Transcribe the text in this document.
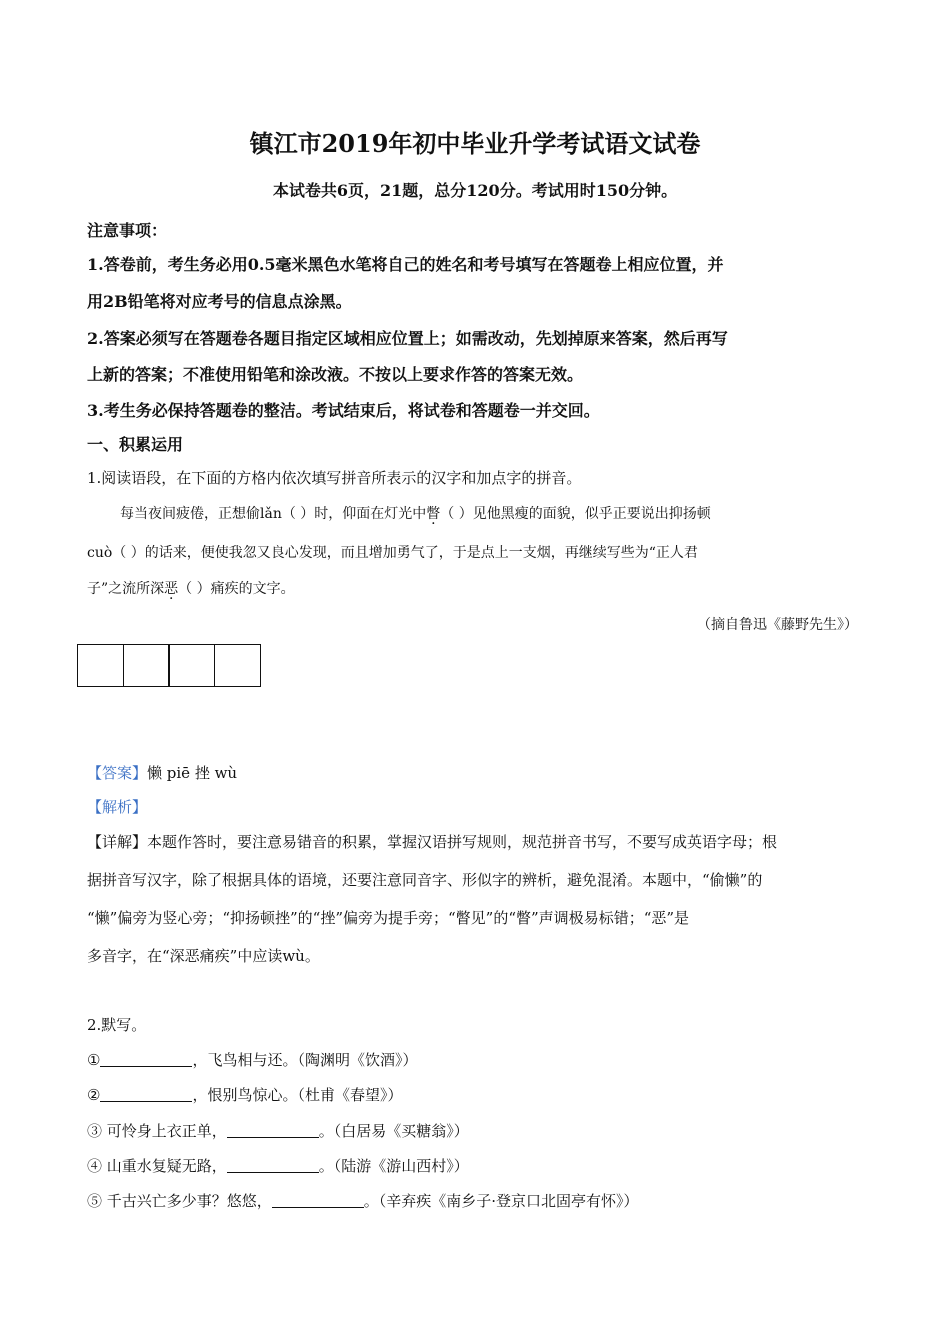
镇江市2019年初中毕业升学考试语文试卷
本试卷共6页，21题，总分120分。考试用时150分钟。
注意事项：
1.答卷前，考生务必用0.5毫米黑色水笔将自己的姓名和考号填写在答题卷上相应位置，并
用2B铅笔将对应考号的信息点涂黑。
2.答案必须写在答题卷各题目指定区域相应位置上；如需改动，先划掉原来答案，然后再写
上新的答案；不准使用铅笔和涂改液。不按以上要求作答的答案无效。
3.考生务必保持答题卷的整洁。考试结束后，将试卷和答题卷一并交回。
一、积累运用
1.阅读语段，在下面的方格内依次填写拼音所表示的汉字和加点字的拼音。
每当夜间疲倦，正想偷lǎn（ ）时，仰面在灯光中瞥（ ）见他黑瘦的面貌，似乎正要说出抑扬顿
cuò（ ）的话来，便使我忽又良心发现，而且增加勇气了，于是点上一支烟，再继续写些为“正人君
子”之流所深恶（ ）痛疾的文字。
（摘自鲁迅《藤野先生》）
【答案】懒 piē 挫 wù
【解析】
【详解】本题作答时，要注意易错音的积累，掌握汉语拼写规则，规范拼音书写，不要写成英语字母；根
据拼音写汉字，除了根据具体的语境，还要注意同音字、形似字的辨析，避免混淆。本题中，“偷懒”的
“懒”偏旁为竖心旁；“抑扬顿挫”的“挫”偏旁为提手旁；“瞥见”的“瞥”声调极易标错；“恶”是
多音字，在“深恶痛疾”中应读wù。
2.默写。
①	，飞鸟相与还。（陶渊明《饮酒》）
②	，恨别鸟惊心。（杜甫《春望》）
③ 可怜身上衣正单，	。（白居易《买糖翁》）
④ 山重水复疑无路，	。（陆游《游山西村》）
⑤ 千古兴亡多少事？悠悠，	。（辛弃疾《南乡子·登京口北固亭有怀》）
